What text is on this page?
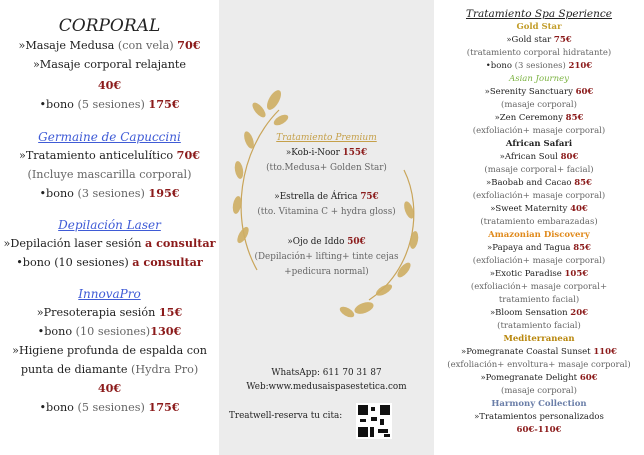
CORPORAL
»Masaje Medusa (con vela) 70€
»Masaje corporal relajante
40€
•bono (5 sesiones) 175€
Germaine de Capuccini
»Tratamiento anticelulítico 70€
(Incluye mascarilla corporal)
•bono (3 sesiones) 195€
Depilación Laser
»Depilación laser sesión a consultar
•bono (10 sesiones) a consultar
InnovaPro
»Presoterapia sesión 15€
•bono (10 sesiones)130€
»Higiene profunda de espalda con
punta de diamante (Hydra Pro)
40€
•bono (5 sesiones) 175€
Tratamiento Premium
»Kob-i-Noor 155€
(tto.Medusa+ Golden Star)
»Estrella de África 75€
(tto. Vitamina C + hydra gloss)
»Ojo de Iddo 50€
(Depilación+ lifting+ tinte cejas
+pedicura normal)
WhatsApp: 611 70 31 87
Web:www.medusaispasestetica.com
Treatwell-reserva tu cita:
Tratamiento Spa Sperience
Gold Star
»Gold star 75€
(tratamiento corporal hidratante)
•bono (3 sesiones) 210€
Asian Journey
»Serenity Sanctuary 60€
(masaje corporal)
»Zen Ceremony 85€
(exfoliación+ masaje corporal)
African Safari
»African Soul 80€
(masaje corporal+ facial)
»Baobab and Cacao 85€
(exfoliación+ masaje corporal)
»Sweet Maternity 40€
(tratamiento embarazadas)
Amazonian Discovery
»Papaya and Tagua 85€
(exfoliación+ masaje corporal)
»Exotic Paradise 105€
(exfoliación+ masaje corporal+
tratamiento facial)
»Bloom Sensation 20€
(tratamiento facial)
Mediterranean
»Pomegranate Coastal Sunset 110€
(exfoliación+ envoltura+ masaje corporal)
»Pomegranate Delight 60€
(masaje corporal)
Harmony Collection
»Tratamientos personalizados
60€-110€
